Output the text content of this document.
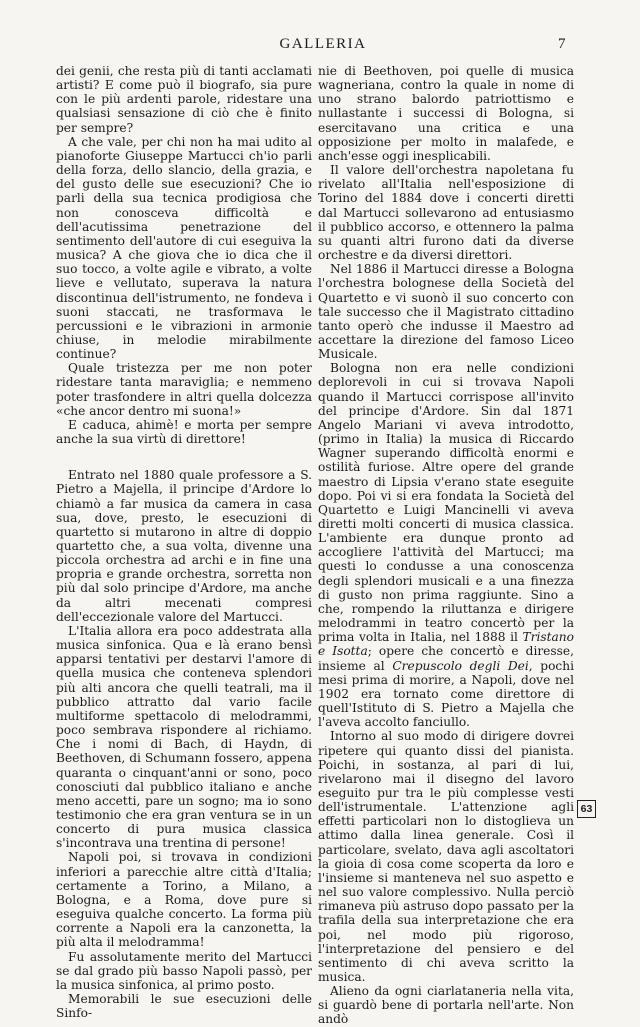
GALLERIA	7

dei genii, che resta più di tanti acclamati artisti? E come può il biografo, sia pure con le più ardenti parole, ridestare una qualsiasi sensazione di ciò che è finito per sempre?

A che vale, per chi non ha mai udito al pianoforte Giuseppe Martucci ch'io parli della forza, dello slancio, della grazia, e del gusto delle sue esecuzioni? Che io parli della sua tecnica prodigiosa che non conosceva difficoltà e dell'acutissima penetrazione del sentimento dell'autore di cui eseguiva la musica? A che giova che io dica che il suo tocco, a volte agile e vibrato, a volte lieve e vellutato, superava la natura discontinua dell'istrumento, ne fondeva i suoni staccati, ne trasformava le percussioni e le vibrazioni in armonie chiuse, in melodie mirabilmente continue?

Quale tristezza per me non poter ridestare tanta maraviglia; e nemmeno poter trasfondere in altri quella dolcezza «che ancor dentro mi suona!»

E caduca, ahimè! e morta per sempre anche la sua virtù di direttore!

Entrato nel 1880 quale professore a S. Pietro a Majella, il principe d'Ardore lo chiamò a far musica da camera in casa sua, dove, presto, le esecuzioni di quartetto si mutarono in altre di doppio quartetto che, a sua volta, divenne una piccola orchestra ad archi e in fine una propria e grande orchestra, sorretta non più dal solo principe d'Ardore, ma anche da altri mecenati compresi dell'eccezionale valore del Martucci.

L'Italia allora era poco addestrata alla musica sinfonica. Qua e là erano bensì apparsi tentativi per destarvi l'amore di quella musica che conteneva splendori più alti ancora che quelli teatrali, ma il pubblico attratto dal vario facile multiforme spettacolo di melodrammi, poco sembrava rispondere al richiamo. Che i nomi di Bach, di Haydn, di Beethoven, di Schumann fossero, appena quaranta o cinquant'anni or sono, poco conosciuti dal pubblico italiano e anche meno accetti, pare un sogno; ma io sono testimonio che era gran ventura se in un concerto di pura musica classica s'incontrava una trentina di persone!

Napoli poi, si trovava in condizioni inferiori a parecchie altre città d'Italia; certamente a Torino, a Milano, a Bologna, e a Roma, dove pure si eseguiva qualche concerto. La forma più corrente a Napoli era la canzonetta, la più alta il melodramma!

Fu assolutamente merito del Martucci se dal grado più basso Napoli passò, per la musica sinfonica, al primo posto.

Memorabili le sue esecuzioni delle Sinfo-

nie di Beethoven, poi quelle di musica wagneriana, contro la quale in nome di uno strano balordo patriottismo e nullastante i successi di Bologna, si esercitavano una critica e una opposizione per molto in malafede, e anch'esse oggi inesplicabili.

Il valore dell'orchestra napoletana fu rivelato all'Italia nell'esposizione di Torino del 1884 dove i concerti diretti dal Martucci sollevarono ad entusiasmo il pubblico accorso, e ottennero la palma su quanti altri furono dati da diverse orchestre e da diversi direttori.

Nel 1886 il Martucci diresse a Bologna l'orchestra bolognese della Società del Quartetto e vi suonò il suo concerto con tale successo che il Magistrato cittadino tanto operò che indusse il Maestro ad accettare la direzione del famoso Liceo Musicale.

Bologna non era nelle condizioni deplorevoli in cui si trovava Napoli quando il Martucci corrispose all'invito del principe d'Ardore. Sin dal 1871 Angelo Mariani vi aveva introdotto, (primo in Italia) la musica di Riccardo Wagner superando difficoltà enormi e ostilità furiose. Altre opere del grande maestro di Lipsia v'erano state eseguite dopo. Poi vi si era fondata la Società del Quartetto e Luigi Mancinelli vi aveva diretti molti concerti di musica classica. L'ambiente era dunque pronto ad accogliere l'attività del Martucci; ma questi lo condusse a una conoscenza degli splendori musicali e a una finezza di gusto non prima raggiunte. Sino a che, rompendo la riluttanza e dirigere melodrammi in teatro concertò per la prima volta in Italia, nel 1888 il Tristano e Isotta; opere che concertò e diresse, insieme al Crepuscolo degli Dei, pochi mesi prima di morire, a Napoli, dove nel 1902 era tornato come direttore di quell'Istituto di S. Pietro a Majella che l'aveva accolto fanciullo.

Intorno al suo modo di dirigere dovrei ripetere qui quanto dissi del pianista. Poichi, in sostanza, al pari di lui, rivelarono mai il disegno del lavoro eseguito pur tra le più complesse vesti dell'istrumentale. L'attenzione agli effetti particolari non lo distoglieva un attimo dalla linea generale. Così il particolare, svelato, dava agli ascoltatori la gioia di cosa come scoperta da loro e l'insieme si manteneva nel suo aspetto e nel suo valore complessivo. Nulla perciò rimaneva più astruso dopo passato per la trafila della sua interpretazione che era poi, nel modo più rigoroso, l'interpretazione del pensiero e del sentimento di chi aveva scritto la musica.

Alieno da ogni ciarlataneria nella vita, si guardò bene di portarla nell'arte. Non andò

63
